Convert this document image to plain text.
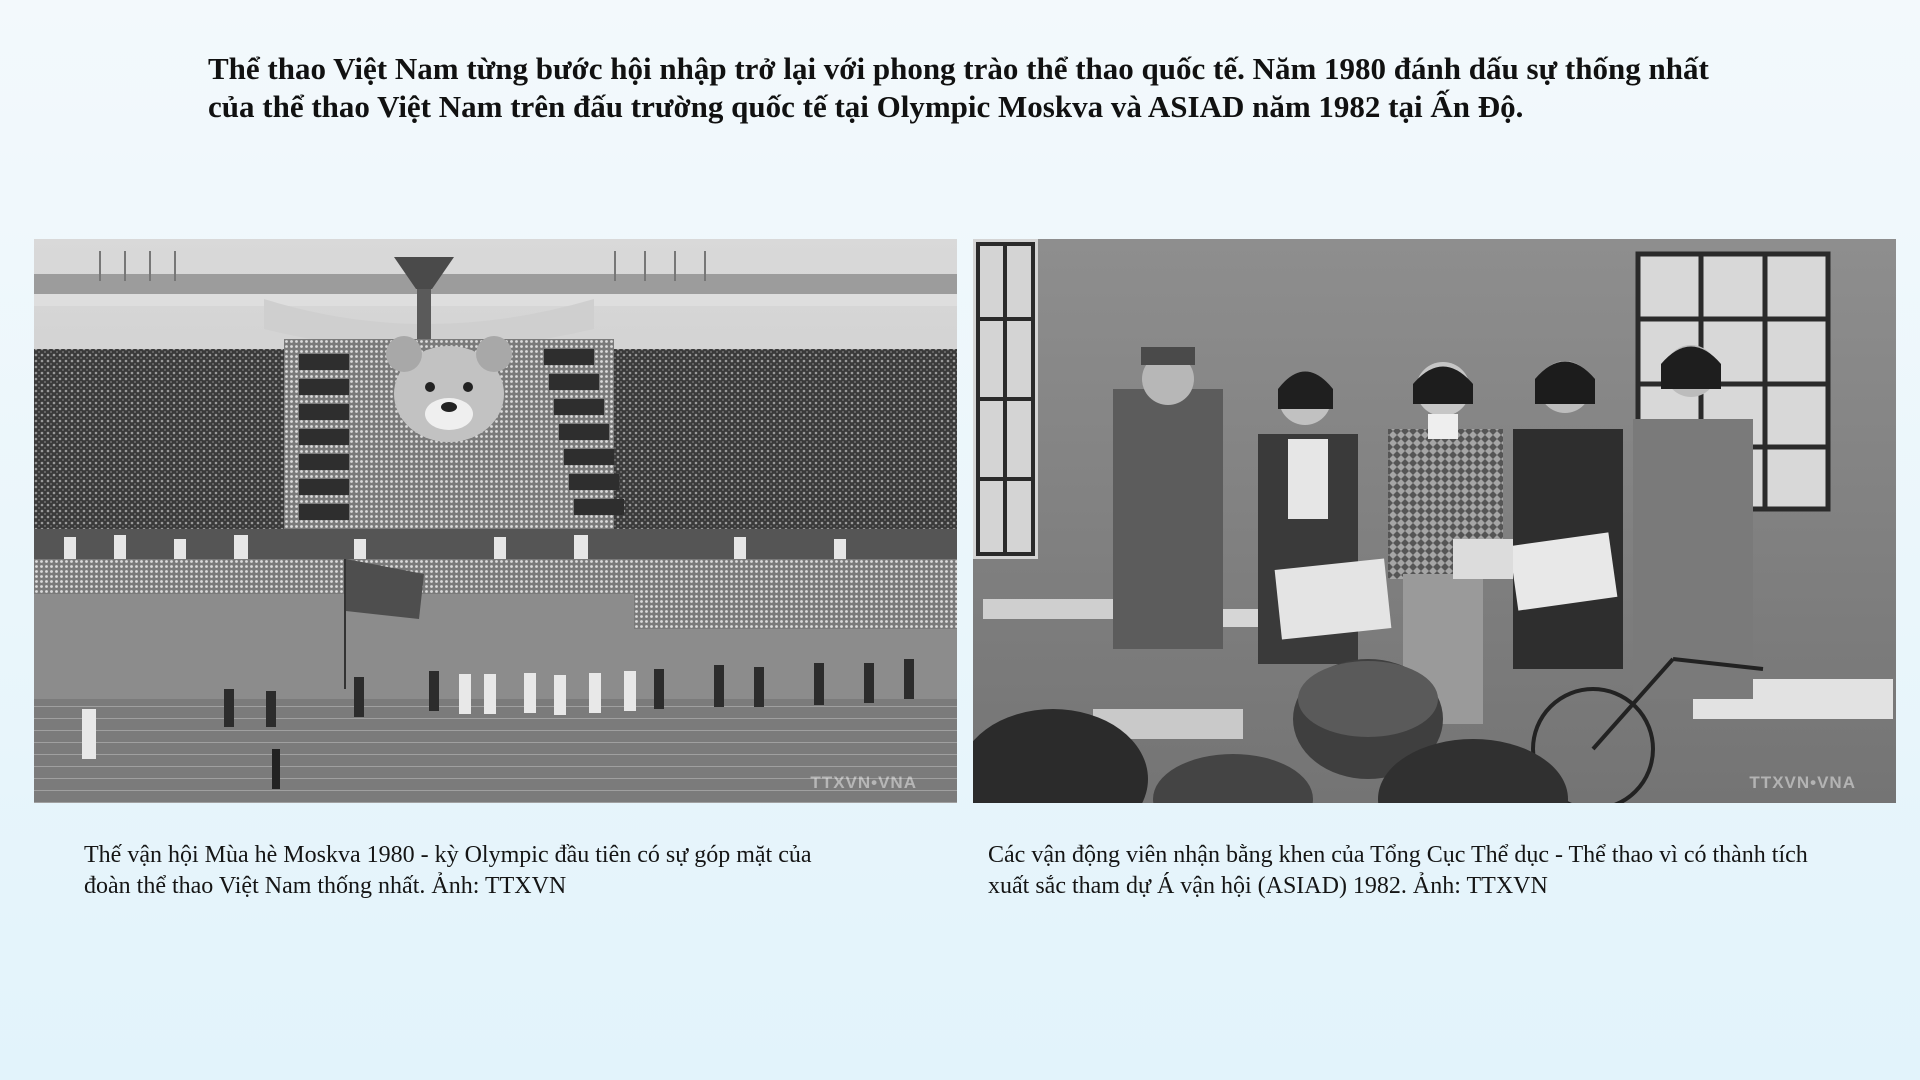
Thể thao Việt Nam từng bước hội nhập trở lại với phong trào thể thao quốc tế. Năm 1980 đánh dấu sự thống nhất
của thể thao Việt Nam trên đấu trường quốc tế tại Olympic Moskva và ASIAD năm 1982 tại Ấn Độ.
TTXVN•VNA	TTXVN•VNA

Thế vận hội Mùa hè Moskva 1980 - kỳ Olympic đầu tiên có sự góp mặt của
đoàn thể thao Việt Nam thống nhất. Ảnh: TTXVN

Các vận động viên nhận bằng khen của Tổng Cục Thể dục - Thể thao vì có thành tích
xuất sắc tham dự Á vận hội (ASIAD) 1982. Ảnh: TTXVN
